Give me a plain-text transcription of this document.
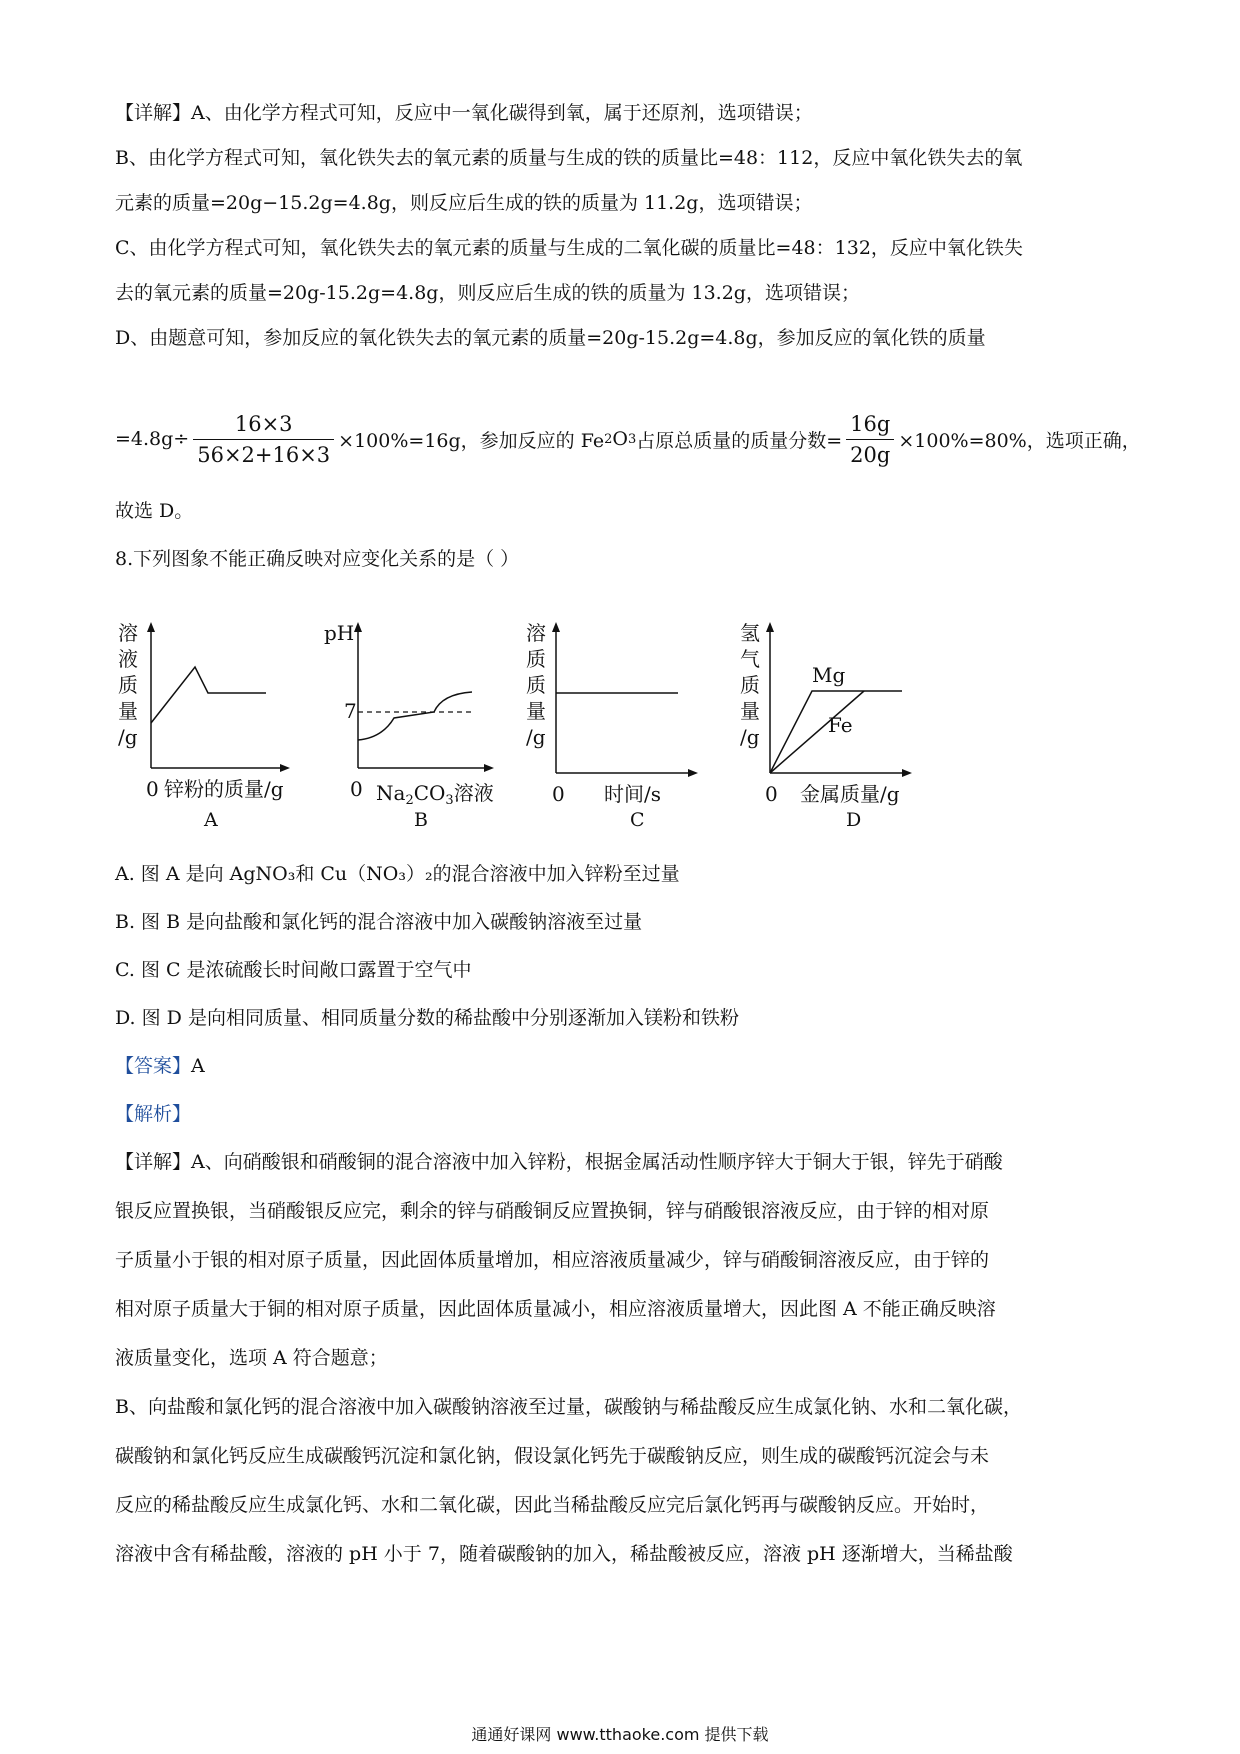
【详解】A、由化学方程式可知，反应中一氧化碳得到氧，属于还原剂，选项错误；
B、由化学方程式可知，氧化铁失去的氧元素的质量与生成的铁的质量比=48：112，反应中氧化铁失去的氧
元素的质量=20g−15.2g=4.8g，则反应后生成的铁的质量为 11.2g，选项错误；
C、由化学方程式可知，氧化铁失去的氧元素的质量与生成的二氧化碳的质量比=48：132，反应中氧化铁失
去的氧元素的质量=20g-15.2g=4.8g，则反应后生成的铁的质量为 13.2g，选项错误；
D、由题意可知，参加反应的氧化铁失去的氧元素的质量=20g-15.2g=4.8g，参加反应的氧化铁的质量
$=4.8g\div \frac{16\times 3}{56\times 2+16\times 3} \times 100\%=16g$，参加反应的 Fe 2 O 3 占原总质量的质量分数= $\frac{16g}{20g} \times 100\%=80\%$，选项正确，
故选 D。
8.下列图象不能正确反映对应变化关系的是（ ）
溶
液
质
量
/g
0 锌粉的质量/g
A
pH
7
0 $Na_2CO_3$溶液
B
溶
质
质
量
/g
0 时间/s
C
氢
气
质
量
/g
Mg
Fe
0 金属质量/g
D
A. 图 A 是向 AgNO₃和 Cu（NO₃）₂的混合溶液中加入锌粉至过量
B. 图 B 是向盐酸和氯化钙的混合溶液中加入碳酸钠溶液至过量
C. 图 C 是浓硫酸长时间敞口露置于空气中
D. 图 D 是向相同质量、相同质量分数的稀盐酸中分别逐渐加入镁粉和铁粉
【答案】A
【解析】
【详解】A、向硝酸银和硝酸铜的混合溶液中加入锌粉，根据金属活动性顺序锌大于铜大于银，锌先于硝酸
银反应置换银，当硝酸银反应完，剩余的锌与硝酸铜反应置换铜，锌与硝酸银溶液反应，由于锌的相对原
子质量小于银的相对原子质量，因此固体质量增加，相应溶液质量减少，锌与硝酸铜溶液反应，由于锌的
相对原子质量大于铜的相对原子质量，因此固体质量减小，相应溶液质量增大，因此图 A 不能正确反映溶
液质量变化，选项 A 符合题意；
B、向盐酸和氯化钙的混合溶液中加入碳酸钠溶液至过量，碳酸钠与稀盐酸反应生成氯化钠、水和二氧化碳，
碳酸钠和氯化钙反应生成碳酸钙沉淀和氯化钠，假设氯化钙先于碳酸钠反应，则生成的碳酸钙沉淀会与未
反应的稀盐酸反应生成氯化钙、水和二氧化碳，因此当稀盐酸反应完后氯化钙再与碳酸钠反应。开始时，
溶液中含有稀盐酸，溶液的 pH 小于 7，随着碳酸钠的加入，稀盐酸被反应，溶液 pH 逐渐增大，当稀盐酸
通通好课网 www.tthaoke.com 提供下载
